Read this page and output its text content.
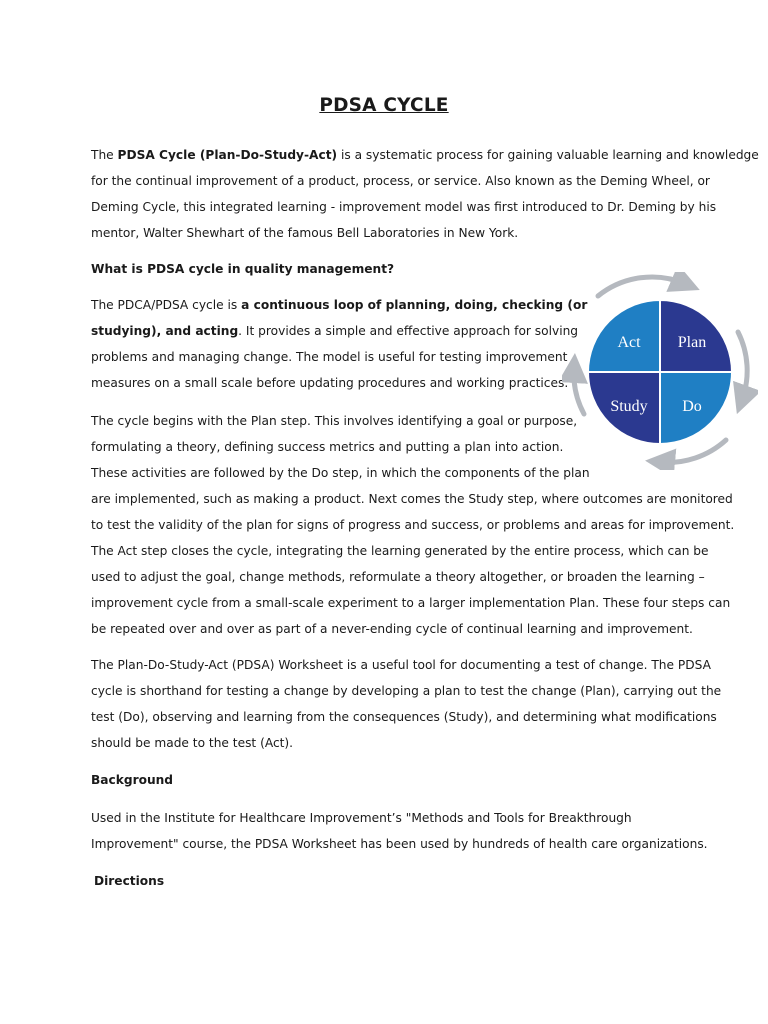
PDSA CYCLE
The PDSA Cycle (Plan-Do-Study-Act) is a systematic process for gaining valuable learning and knowledge
for the continual improvement of a product, process, or service. Also known as the Deming Wheel, or
Deming Cycle, this integrated learning - improvement model was first introduced to Dr. Deming by his
mentor, Walter Shewhart of the famous Bell Laboratories in New York.
What is PDSA cycle in quality management?
The PDCA/PDSA cycle is a continuous loop of planning, doing, checking (or
studying), and acting. It provides a simple and effective approach for solving
problems and managing change. The model is useful for testing improvement
measures on a small scale before updating procedures and working practices.
The cycle begins with the Plan step. This involves identifying a goal or purpose,
formulating a theory, defining success metrics and putting a plan into action.
These activities are followed by the Do step, in which the components of the plan
are implemented, such as making a product. Next comes the Study step, where outcomes are monitored
to test the validity of the plan for signs of progress and success, or problems and areas for improvement.
The Act step closes the cycle, integrating the learning generated by the entire process, which can be
used to adjust the goal, change methods, reformulate a theory altogether, or broaden the learning –
improvement cycle from a small-scale experiment to a larger implementation Plan. These four steps can
be repeated over and over as part of a never-ending cycle of continual learning and improvement.
The Plan-Do-Study-Act (PDSA) Worksheet is a useful tool for documenting a test of change. The PDSA
cycle is shorthand for testing a change by developing a plan to test the change (Plan), carrying out the
test (Do), observing and learning from the consequences (Study), and determining what modifications
should be made to the test (Act).
Background
Used in the Institute for Healthcare Improvement’s "Methods and Tools for Breakthrough
Improvement" course, the PDSA Worksheet has been used by hundreds of health care organizations.
Directions
Act Plan
Study Do
